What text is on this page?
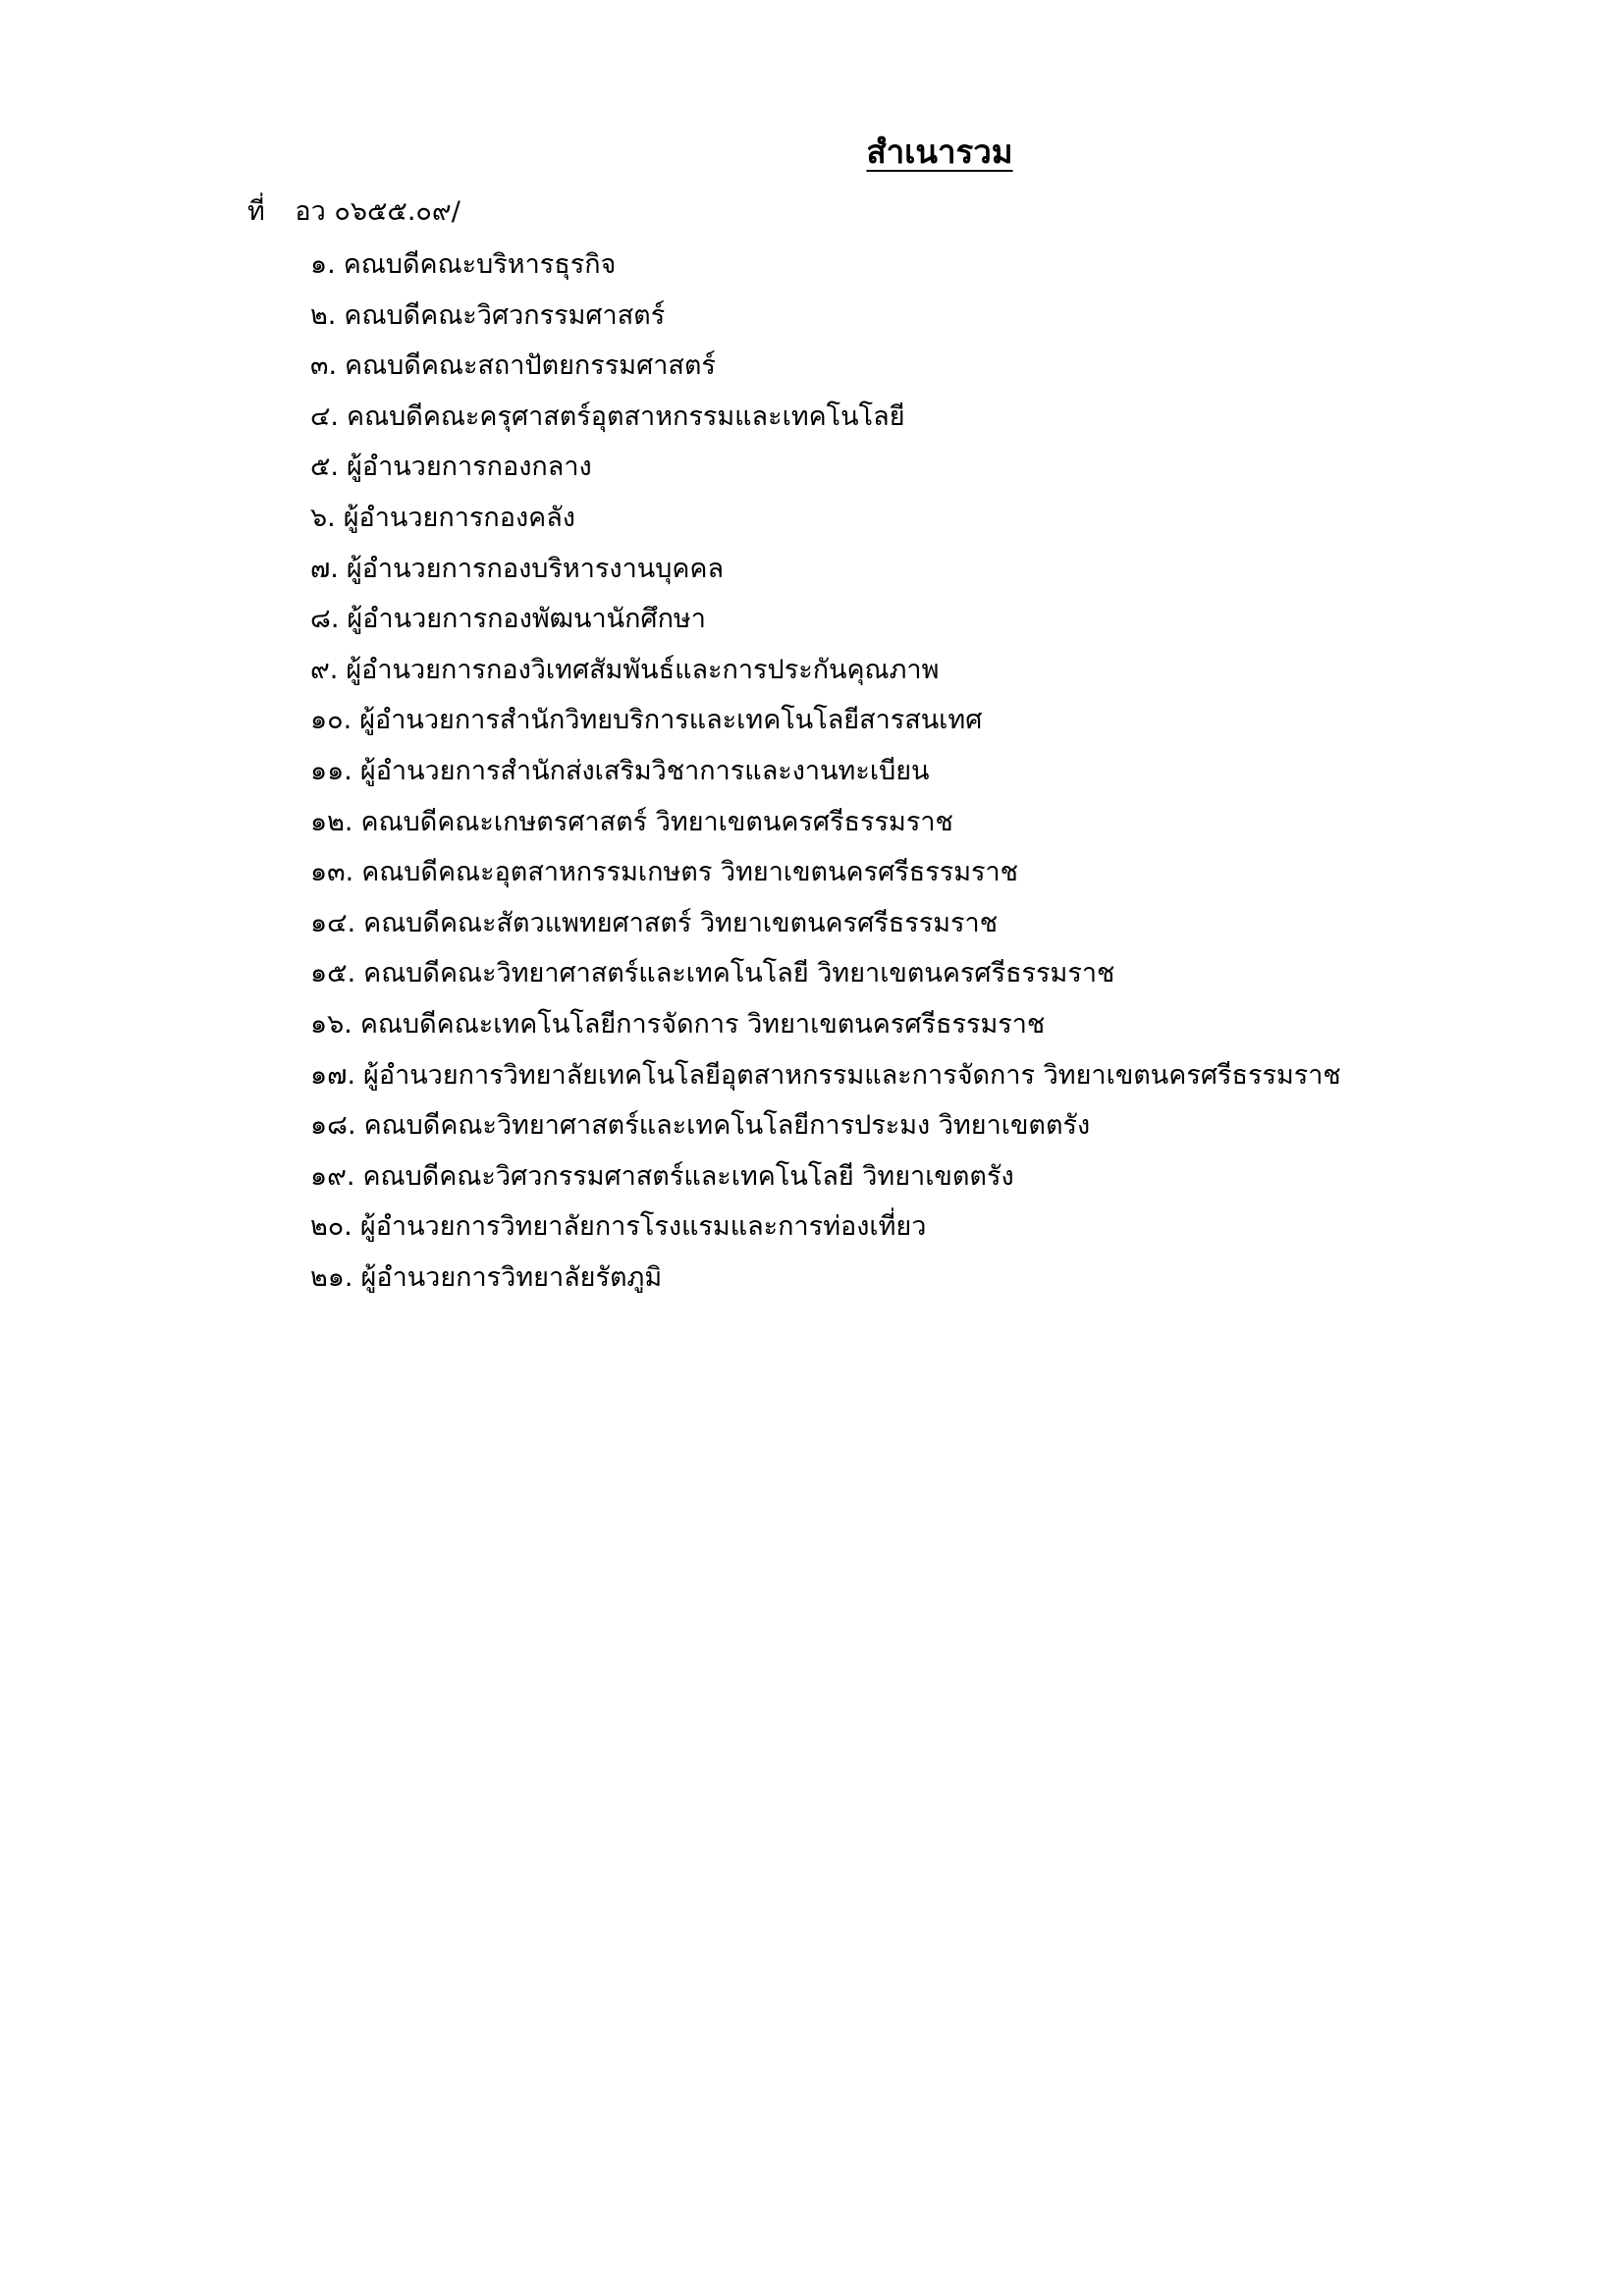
สำเนารวม
ที่ อว ๐๖๕๕.๐๙/
๑. คณบดีคณะบริหารธุรกิจ
๒. คณบดีคณะวิศวกรรมศาสตร์
๓. คณบดีคณะสถาปัตยกรรมศาสตร์
๔. คณบดีคณะครุศาสตร์อุตสาหกรรมและเทคโนโลยี
๕. ผู้อำนวยการกองกลาง
๖. ผู้อำนวยการกองคลัง
๗. ผู้อำนวยการกองบริหารงานบุคคล
๘. ผู้อำนวยการกองพัฒนานักศึกษา
๙. ผู้อำนวยการกองวิเทศสัมพันธ์และการประกันคุณภาพ
๑๐. ผู้อำนวยการสำนักวิทยบริการและเทคโนโลยีสารสนเทศ
๑๑. ผู้อำนวยการสำนักส่งเสริมวิชาการและงานทะเบียน
๑๒. คณบดีคณะเกษตรศาสตร์ วิทยาเขตนครศรีธรรมราช
๑๓. คณบดีคณะอุตสาหกรรมเกษตร วิทยาเขตนครศรีธรรมราช
๑๔. คณบดีคณะสัตวแพทยศาสตร์ วิทยาเขตนครศรีธรรมราช
๑๕. คณบดีคณะวิทยาศาสตร์และเทคโนโลยี วิทยาเขตนครศรีธรรมราช
๑๖. คณบดีคณะเทคโนโลยีการจัดการ วิทยาเขตนครศรีธรรมราช
๑๗. ผู้อำนวยการวิทยาลัยเทคโนโลยีอุตสาหกรรมและการจัดการ วิทยาเขตนครศรีธรรมราช
๑๘. คณบดีคณะวิทยาศาสตร์และเทคโนโลยีการประมง วิทยาเขตตรัง
๑๙. คณบดีคณะวิศวกรรมศาสตร์และเทคโนโลยี วิทยาเขตตรัง
๒๐. ผู้อำนวยการวิทยาลัยการโรงแรมและการท่องเที่ยว
๒๑. ผู้อำนวยการวิทยาลัยรัตภูมิ
